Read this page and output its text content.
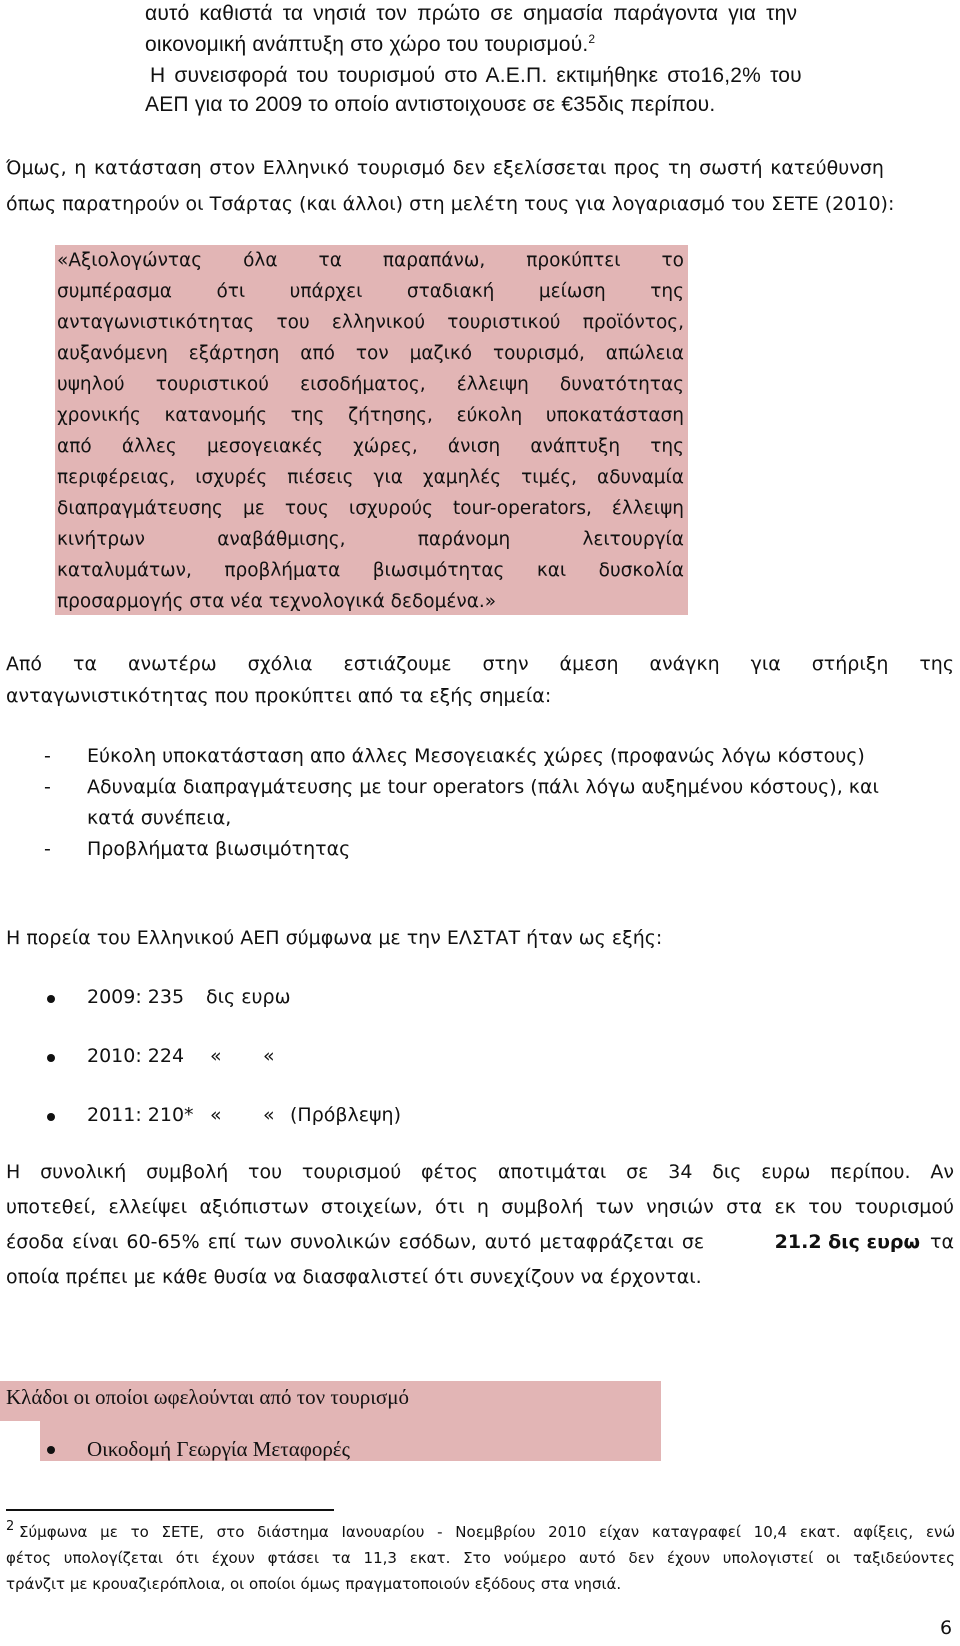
αυτό καθιστά τα νησιά τον πρώτο σε σημασία παράγοντα για την
οικονομική ανάπτυξη στο χώρο του τουρισμού.$^2$
Η συνεισφορά του τουρισμού στο Α.Ε.Π. εκτιμήθηκε στο16,2% του
ΑΕΠ για το 2009 το οποίο αντιστοιχουσε σε €35δις περίπου.
Όμως, η κατάσταση στον Ελληνικό τουρισμό δεν εξελίσσεται προς τη σωστή κατεύθυνση
όπως παρατηρούν οι Τσάρτας (και άλλοι) στη μελέτη τους για λογαριασμό του ΣΕΤΕ (2010):
«Αξιολογώντας όλα τα παραπάνω, προκύπτει το
συμπέρασμα ότι υπάρχει σταδιακή μείωση της
ανταγωνιστικότητας του ελληνικού τουριστικού προϊόντος,
αυξανόμενη εξάρτηση από τον μαζικό τουρισμό, απώλεια
υψηλού τουριστικού εισοδήματος, έλλειψη δυνατότητας
χρονικής κατανομής της ζήτησης, εύκολη υποκατάσταση
από άλλες μεσογειακές χώρες, άνιση ανάπτυξη της
περιφέρειας, ισχυρές πιέσεις για χαμηλές τιμές, αδυναμία
διαπραγμάτευσης με τους ισχυρούς tour-operators, έλλειψη
κινήτρων αναβάθμισης, παράνομη λειτουργία
καταλυμάτων, προβλήματα βιωσιμότητας και δυσκολία
προσαρμογής στα νέα τεχνολογικά δεδομένα.»
Από τα ανωτέρω σχόλια εστιάζουμε στην άμεση ανάγκη για στήριξη της
ανταγωνιστικότητας που προκύπτει από τα εξής σημεία:
- Εύκολη υποκατάσταση απο άλλες Μεσογειακές χώρες (προφανώς λόγω κόστους)
- Αδυναμία διαπραγμάτευσης με tour operators (πάλι λόγω αυξημένου κόστους), και
κατά συνέπεια,
- Προβλήματα βιωσιμότητας
Η πορεία του Ελληνικού ΑΕΠ σύμφωνα με την ΕΛΣΤΑΤ ήταν ως εξής:
2009: 235 δις ευρω
2010: 224 « «
2011: 210* « « (Πρόβλεψη)
Η συνολική συμβολή του τουρισμού φέτος αποτιμάται σε 34 δις ευρω περίπου. Αν
υποτεθεί, ελλείψει αξιόπιστων στοιχείων, ότι η συμβολή των νησιών στα εκ του τουρισμού
έσοδα είναι 60-65% επί των συνολικών εσόδων, αυτό μεταφράζεται σε	21.2 δις ευρω τα
οποία πρέπει με κάθε θυσία να διασφαλιστεί ότι συνεχίζουν να έρχονται.
Κλάδοι οι οποίοι ωφελούνται από τον τουρισμό
Οικοδομή Γεωργία Μεταφορές
2 Σύμφωνα με το ΣΕΤΕ, στο διάστημα Ιανουαρίου - Νοεμβρίου 2010 είχαν καταγραφεί 10,4 εκατ. αφίξεις, ενώ
φέτος υπολογίζεται ότι έχουν φτάσει τα 11,3 εκατ. Στο νούμερο αυτό δεν έχουν υπολογιστεί οι ταξιδεύοντες
τράνζιτ με κρουαζιερόπλοια, οι οποίοι όμως πραγματοποιούν εξόδους στα νησιά.
6
